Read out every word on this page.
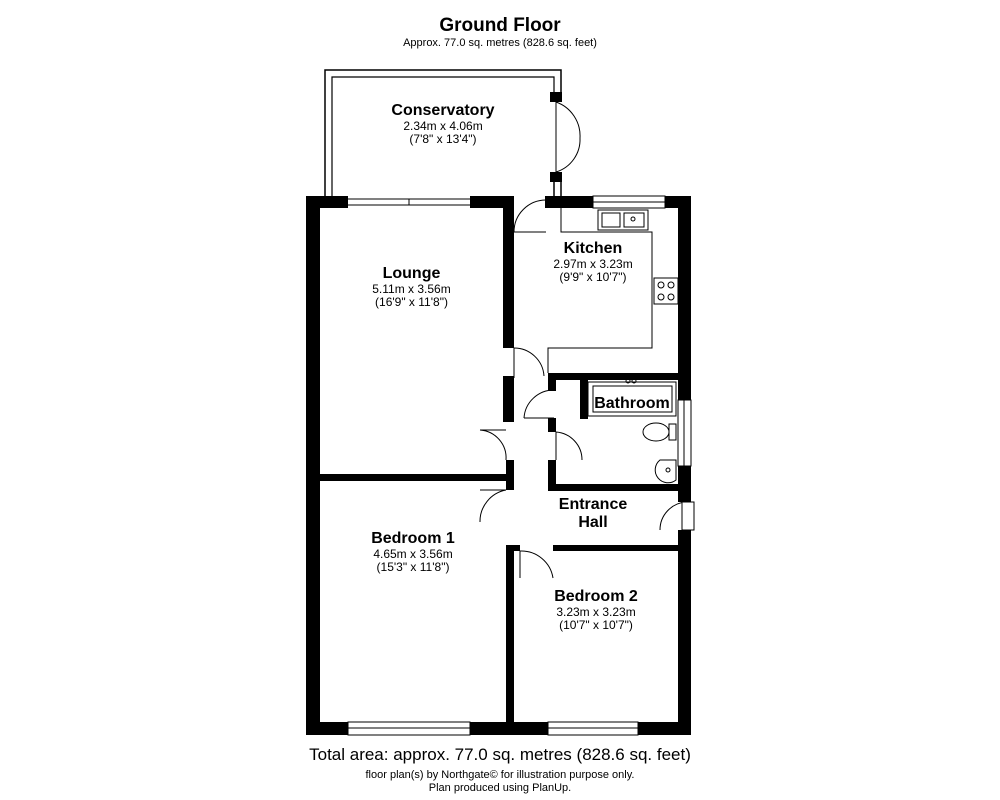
Ground Floor
Approx. 77.0 sq. metres (828.6 sq. feet)
Conservatory
2.34m x 4.06m
(7'8" x 13'4")
Kitchen
2.97m x 3.23m
(9'9" x 10'7")
Lounge
5.11m x 3.56m
(16'9" x 11'8")
Bathroom
Entrance
Hall
Bedroom 1
4.65m x 3.56m
(15'3" x 11'8")
Bedroom 2
3.23m x 3.23m
(10'7" x 10'7")
Total area: approx. 77.0 sq. metres (828.6 sq. feet)
floor plan(s) by Northgate© for illustration purpose only.
Plan produced using PlanUp.
